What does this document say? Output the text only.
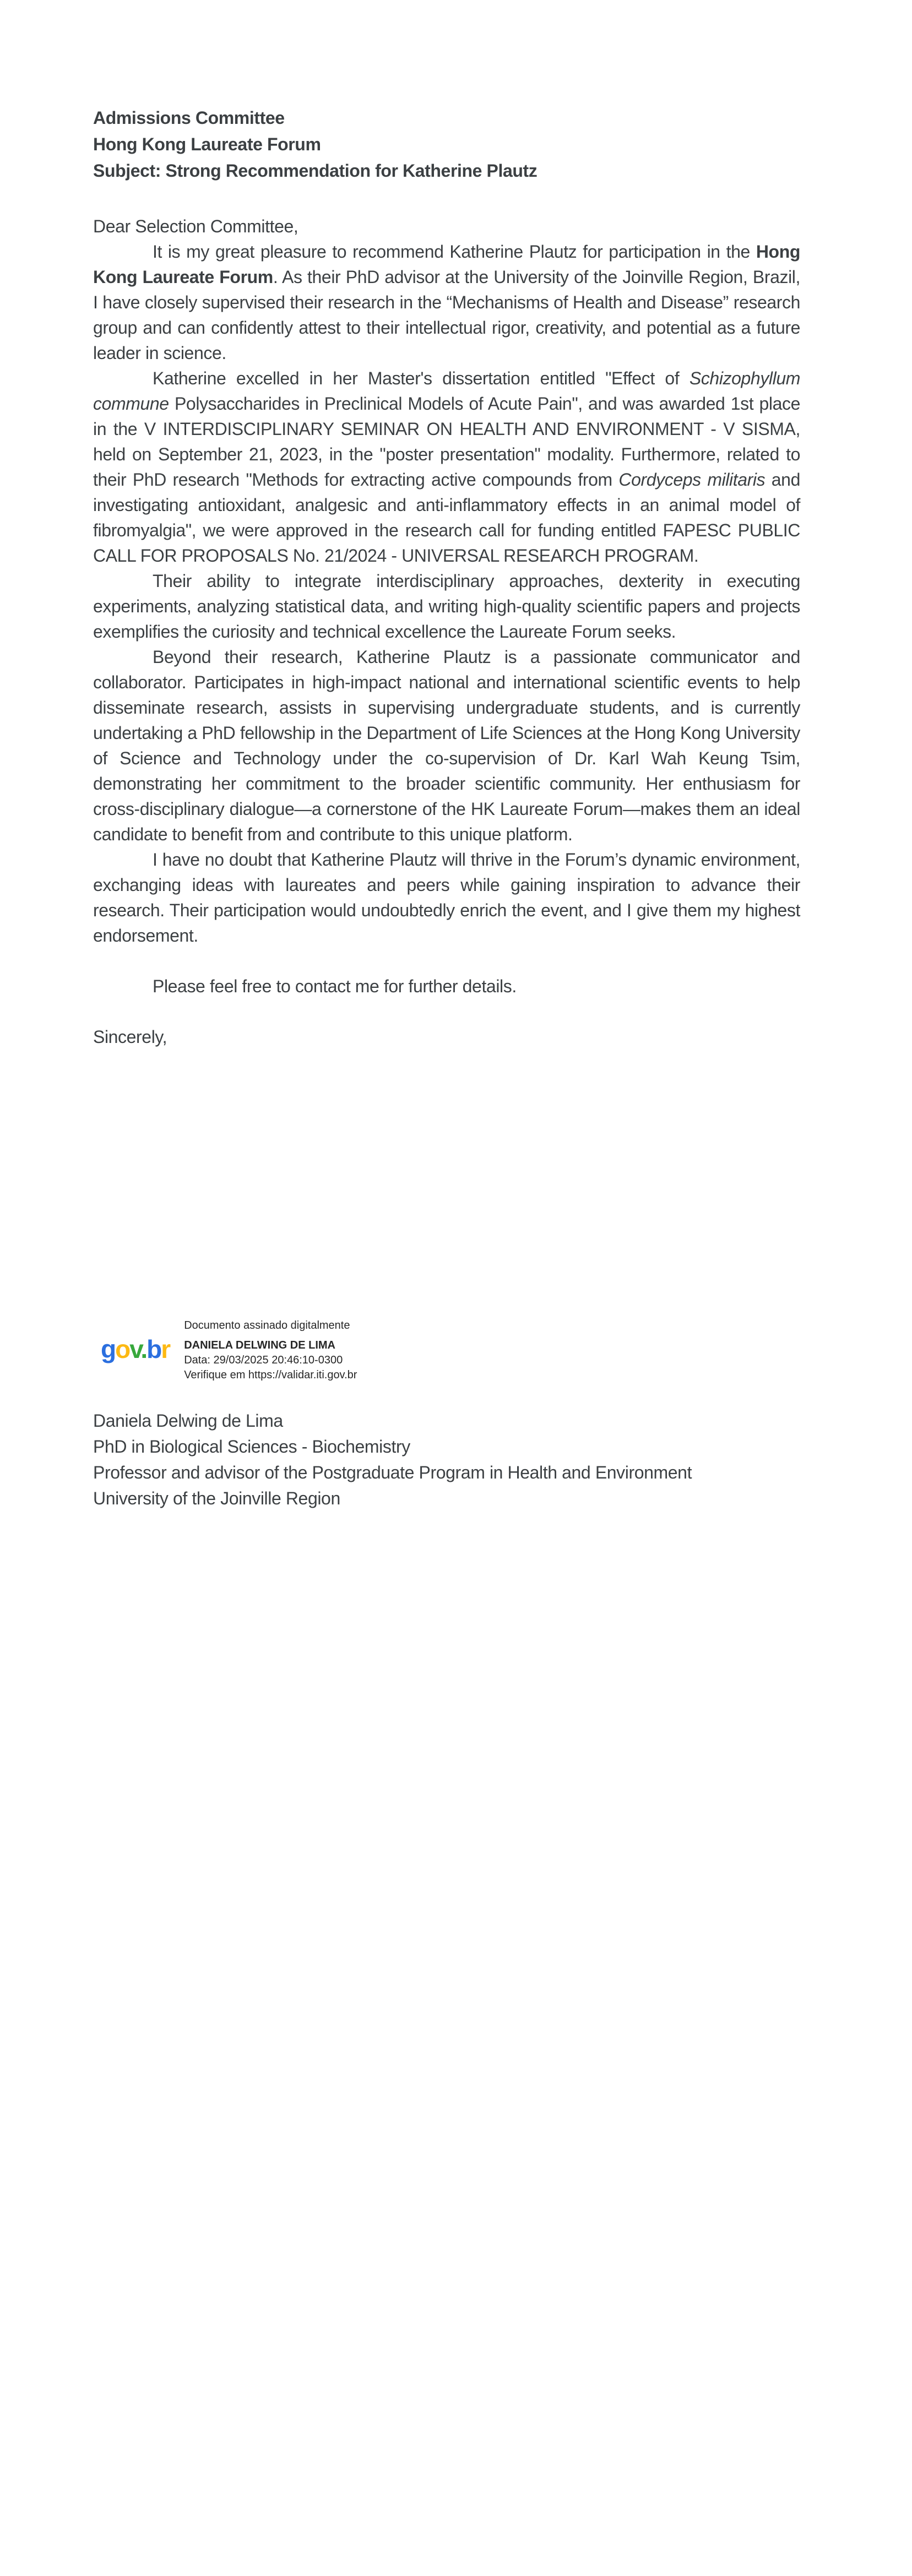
Admissions Committee

Hong Kong Laureate Forum

Subject: Strong Recommendation for Katherine Plautz

Dear Selection Committee,

It is my great pleasure to recommend Katherine Plautz for participation in the Hong Kong Laureate Forum. As their PhD advisor at the University of the Joinville Region, Brazil, I have closely supervised their research in the “Mechanisms of Health and Disease” research group and can confidently attest to their intellectual rigor, creativity, and potential as a future leader in science.

Katherine excelled in her Master's dissertation entitled "Effect of Schizophyllum commune Polysaccharides in Preclinical Models of Acute Pain", and was awarded 1st place in the V INTERDISCIPLINARY SEMINAR ON HEALTH AND ENVIRONMENT - V SISMA, held on September 21, 2023, in the "poster presentation" modality. Furthermore, related to their PhD research "Methods for extracting active compounds from Cordyceps militaris and investigating antioxidant, analgesic and anti-inflammatory effects in an animal model of fibromyalgia", we were approved in the research call for funding entitled FAPESC PUBLIC CALL FOR PROPOSALS No. 21/2024 - UNIVERSAL RESEARCH PROGRAM.

Their ability to integrate interdisciplinary approaches, dexterity in executing experiments, analyzing statistical data, and writing high-quality scientific papers and projects exemplifies the curiosity and technical excellence the Laureate Forum seeks.

Beyond their research, Katherine Plautz is a passionate communicator and collaborator. Participates in high-impact national and international scientific events to help disseminate research, assists in supervising undergraduate students, and is currently undertaking a PhD fellowship in the Department of Life Sciences at the Hong Kong University of Science and Technology under the co-supervision of Dr. Karl Wah Keung Tsim, demonstrating her commitment to the broader scientific community. Her enthusiasm for cross-disciplinary dialogue—a cornerstone of the HK Laureate Forum—makes them an ideal candidate to benefit from and contribute to this unique platform.

I have no doubt that Katherine Plautz will thrive in the Forum’s dynamic environment, exchanging ideas with laureates and peers while gaining inspiration to advance their research. Their participation would undoubtedly enrich the event, and I give them my highest endorsement.

Please feel free to contact me for further details.

Sincerely,

gov.br
Documento assinado digitalmente
DANIELA DELWING DE LIMA
Data: 29/03/2025 20:46:10-0300
Verifique em https://validar.iti.gov.br

Daniela Delwing de Lima

PhD in Biological Sciences - Biochemistry

Professor and advisor of the Postgraduate Program in Health and Environment

University of the Joinville Region
